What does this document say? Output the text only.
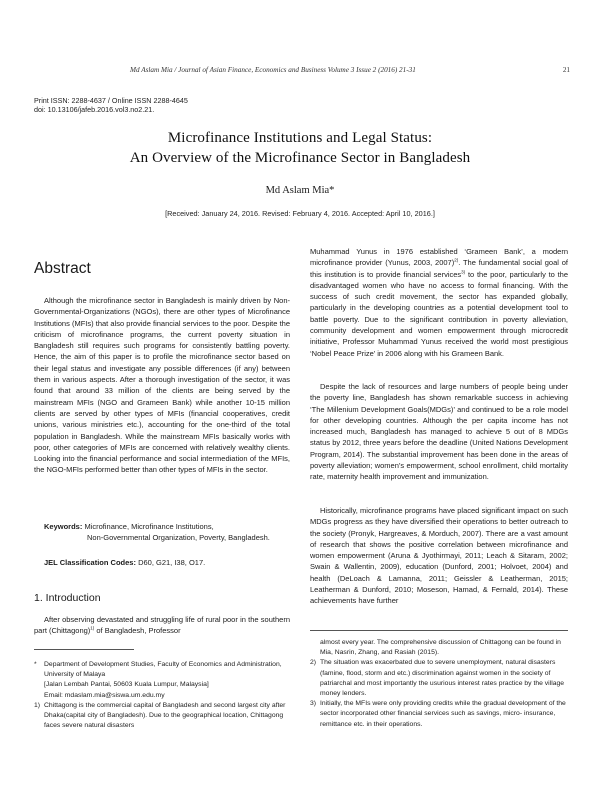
Md Aslam Mia / Journal of Asian Finance, Economics and Business Volume 3 Issue 2 (2016) 21-31	21
Print ISSN: 2288-4637 / Online ISSN 2288-4645
doi: 10.13106/jafeb.2016.vol3.no2.21.
Microfinance Institutions and Legal Status:
An Overview of the Microfinance Sector in Bangladesh
Md Aslam Mia*
[Received: January 24, 2016. Revised: February 4, 2016. Accepted: April 10, 2016.]
Abstract
Although the microfinance sector in Bangladesh is mainly driven by Non-Governmental-Organizations (NGOs), there are other types of Microfinance Institutions (MFIs) that also provide financial services to the poor. Despite the criticism of microfinance programs, the current poverty situation in Bangladesh still requires such programs for consistently battling poverty. Hence, the aim of this paper is to profile the microfinance sector based on their legal status and investigate any possible differences (if any) between them in various aspects. After a thorough investigation of the sector, it was found that around 33 million of the clients are being served by the mainstream MFIs (NGO and Grameen Bank) while another 10-15 million clients are served by other types of MFIs (financial cooperatives, credit unions, various ministries etc.), accounting for the one-third of the total population in Bangladesh. While the mainstream MFIs basically works with poor, other categories of MFIs are concerned with relatively wealthy clients. Looking into the financial performance and social intermediation of the MFIs, the NGO-MFIs performed better than other types of MFIs in the sector.
Keywords: Microfinance, Microfinance Institutions,
Non-Governmental Organization, Poverty, Bangladesh.
JEL Classification Codes: D60, G21, I38, O17.
1. Introduction
After observing devastated and struggling life of rural poor in the southern part (Chittagong)$^{1)}$ of Bangladesh, Professor
* Department of Development Studies, Faculty of Economics and Administration, University of Malaya
[Jalan Lembah Pantai, 50603 Kuala Lumpur, Malaysia]
Email: mdaslam.mia@siswa.um.edu.my
1) Chittagong is the commercial capital of Bangladesh and second largest city after Dhaka(capital city of Bangladesh). Due to the geographical location, Chittagong faces severe natural disasters
Muhammad Yunus in 1976 established ‘Grameen Bank’, a modern microfinance provider (Yunus, 2003, 2007)$^{2)}$. The fundamental social goal of this institution is to provide financial services$^{3)}$ to the poor, particularly to the disadvantaged women who have no access to formal financing. With the success of such credit movement, the sector has expanded globally, particularly in the developing countries as a potential development tool to battle poverty. Due to the significant contribution in poverty alleviation, community development and women empowerment through microcredit initiative, Professor Muhammad Yunus received the world most prestigious ‘Nobel Peace Prize’ in 2006 along with his Grameen Bank.
Despite the lack of resources and large numbers of people being under the poverty line, Bangladesh has shown remarkable success in achieving ‘The Millenium Development Goals(MDGs)’ and continued to be a role model for other developing countries. Although the per capita income has not increased much, Bangladesh has managed to achieve 5 out of 8 MDGs status by 2012, three years before the deadline (United Nations Development Program, 2014). The substantial improvement has been done in the areas of poverty alleviation; women’s empowerment, school enrollment, child mortality rate, maternity health improvement and immunization.
Historically, microfinance programs have placed significant impact on such MDGs progress as they have diversified their operations to better outreach to the society (Pronyk, Hargreaves, & Morduch, 2007). There are a vast amount of research that shows the positive correlation between microfinance and women empowerment (Aruna & Jyothirmayi, 2011; Leach & Sitaram, 2002; Swain & Wallentin, 2009), education (Dunford, 2001; Holvoet, 2004) and health (DeLoach & Lamanna, 2011; Geissler & Leatherman, 2015; Leatherman & Dunford, 2010; Moseson, Hamad, & Fernald, 2014). These achievements have further
almost every year. The comprehensive discussion of Chittagong can be found in Mia, Nasrin, Zhang, and Rasiah (2015).
2) The situation was exacerbated due to severe unemployment, natural disasters (famine, flood, storm and etc.) discrimination against women in the society of patriarchal and most importantly the usurious interest rates practice by the village money lenders.
3) Initially, the MFIs were only providing credits while the gradual development of the sector incorporated other financial services such as savings, micro- insurance, remittance etc. in their operations.
